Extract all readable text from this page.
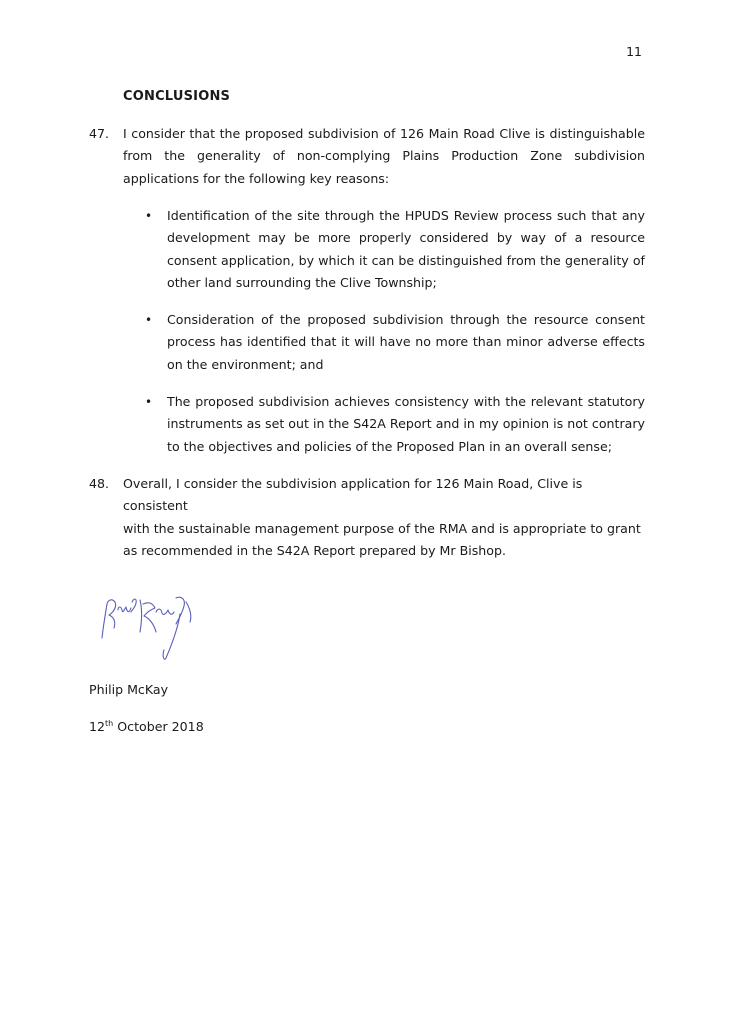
11
CONCLUSIONS
47. I consider that the proposed subdivision of 126 Main Road Clive is distinguishable from the generality of non-complying Plains Production Zone subdivision applications for the following key reasons:
•	Identification of the site through the HPUDS Review process such that any development may be more properly considered by way of a resource consent application, by which it can be distinguished from the generality of other land surrounding the Clive Township;
•	Consideration of the proposed subdivision through the resource consent process has identified that it will have no more than minor adverse effects on the environment; and
•	The proposed subdivision achieves consistency with the relevant statutory instruments as set out in the S42A Report and in my opinion is not contrary to the objectives and policies of the Proposed Plan in an overall sense;
48. Overall, I consider the subdivision application for 126 Main Road, Clive is consistent
with the sustainable management purpose of the RMA and is appropriate to grant
as recommended in the S42A Report prepared by Mr Bishop.
Philip McKay
12th October 2018
